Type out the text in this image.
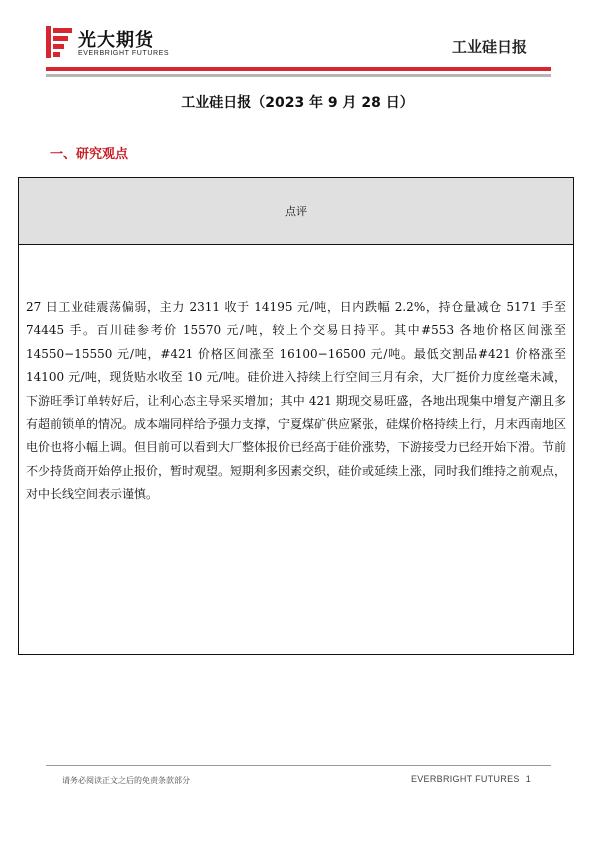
光大期货
EVERBRIGHT FUTURES	工业硅日报
工业硅日报（2023 年 9 月 28 日）
一、研究观点
点评
27 日工业硅震荡偏弱，主力 2311 收于 14195 元/吨，日内跌幅 2.2%，持仓量减仓 5171 手至 74445 手。百川硅参考价 15570 元/吨，较上个交易日持平。其中#553 各地价格区间涨至 14550−15550 元/吨，#421 价格区间涨至 16100−16500 元/吨。最低交割品#421 价格涨至 14100 元/吨，现货贴水收至 10 元/吨。硅价进入持续上行空间三月有余，大厂挺价力度丝毫未减，下游旺季订单转好后，让利心态主导采买增加；其中 421 期现交易旺盛，各地出现集中增复产潮且多有超前锁单的情况。成本端同样给予强力支撑，宁夏煤矿供应紧张，硅煤价格持续上行，月末西南地区电价也将小幅上调。但目前可以看到大厂整体报价已经高于硅价涨势，下游接受力已经开始下滑。节前不少持货商开始停止报价，暂时观望。短期利多因素交织，硅价或延续上涨，同时我们维持之前观点，对中长线空间表示谨慎。
请务必阅读正文之后的免责条款部分	EVERBRIGHT FUTURES 1
